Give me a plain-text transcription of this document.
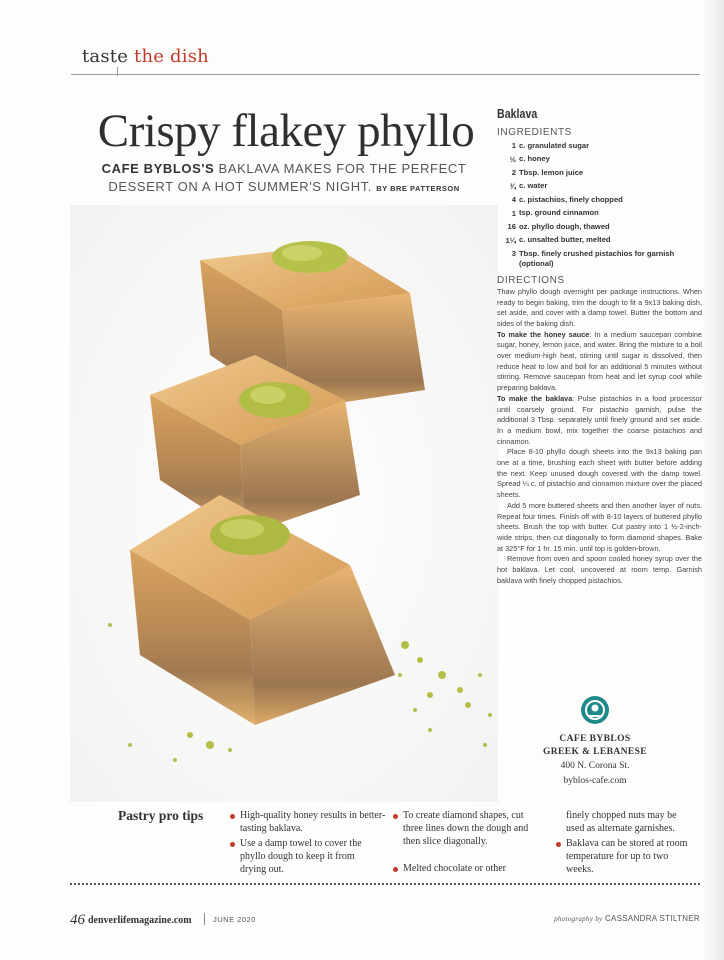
taste the dish
Crispy flakey phyllo
CAFE BYBLOS'S BAKLAVA MAKES FOR THE PERFECT DESSERT ON A HOT SUMMER'S NIGHT. BY BRE PATTERSON
Baklava
INGREDIENTS
1 c. granulated sugar
½ c. honey
2 Tbsp. lemon juice
¾ c. water
4 c. pistachios, finely chopped
1 tsp. ground cinnamon
16 oz. phyllo dough, thawed
1¼ c. unsalted butter, melted
3 Tbsp. finely crushed pistachios for garnish (optional)
DIRECTIONS

Thaw phyllo dough overnight per package instructions. When ready to begin baking, trim the dough to fit a 9x13 baking dish, set aside, and cover with a damp towel. Butter the bottom and sides of the baking dish.

To make the honey sauce: In a medium saucepan combine sugar, honey, lemon juice, and water. Bring the mixture to a boil over medium-high heat, stirring until sugar is dissolved, then reduce heat to low and boil for an additional 5 minutes without stirring. Remove saucepan from heat and let syrup cool while preparing baklava.

To make the baklava: Pulse pistachios in a food processor until coarsely ground. For pistachio garnish, pulse the additional 3 Tbsp. separately until finely ground and set aside. In a medium bowl, mix together the coarse pistachios and cinnamon.

Place 8-10 phyllo dough sheets into the 9x13 baking pan one at a time, brushing each sheet with butter before adding the next. Keep unused dough covered with the damp towel. Spread ¼ c. of pistachio and cinnamon mixture over the placed sheets.

Add 5 more buttered sheets and then another layer of nuts. Repeat four times. Finish off with 8-10 layers of buttered phyllo sheets. Brush the top with butter. Cut pastry into 1 ½-2-inch-wide strips, then cut diagonally to form diamond shapes. Bake at 325°F for 1 hr. 15 min. until top is golden-brown.

Remove from oven and spoon cooled honey syrup over the hot baklava. Let cool, uncovered at room temp. Garnish baklava with finely chopped pistachios.

CAFE BYBLOS
GREEK & LEBANESE
400 N. Corona St.
byblos-cafe.com
Pastry pro tips	High-quality honey results in better-tasting baklava.
Use a damp towel to cover the phyllo dough to keep it from drying out.
To create diamond shapes, cut three lines down the dough and then slice diagonally.
Melted chocolate or other
finely chopped nuts may be used as alternate garnishes.
Baklava can be stored at room temperature for up to two weeks.
46 denverlifemagazine.com	JUNE 2020	photography by CASSANDRA STILTNER
